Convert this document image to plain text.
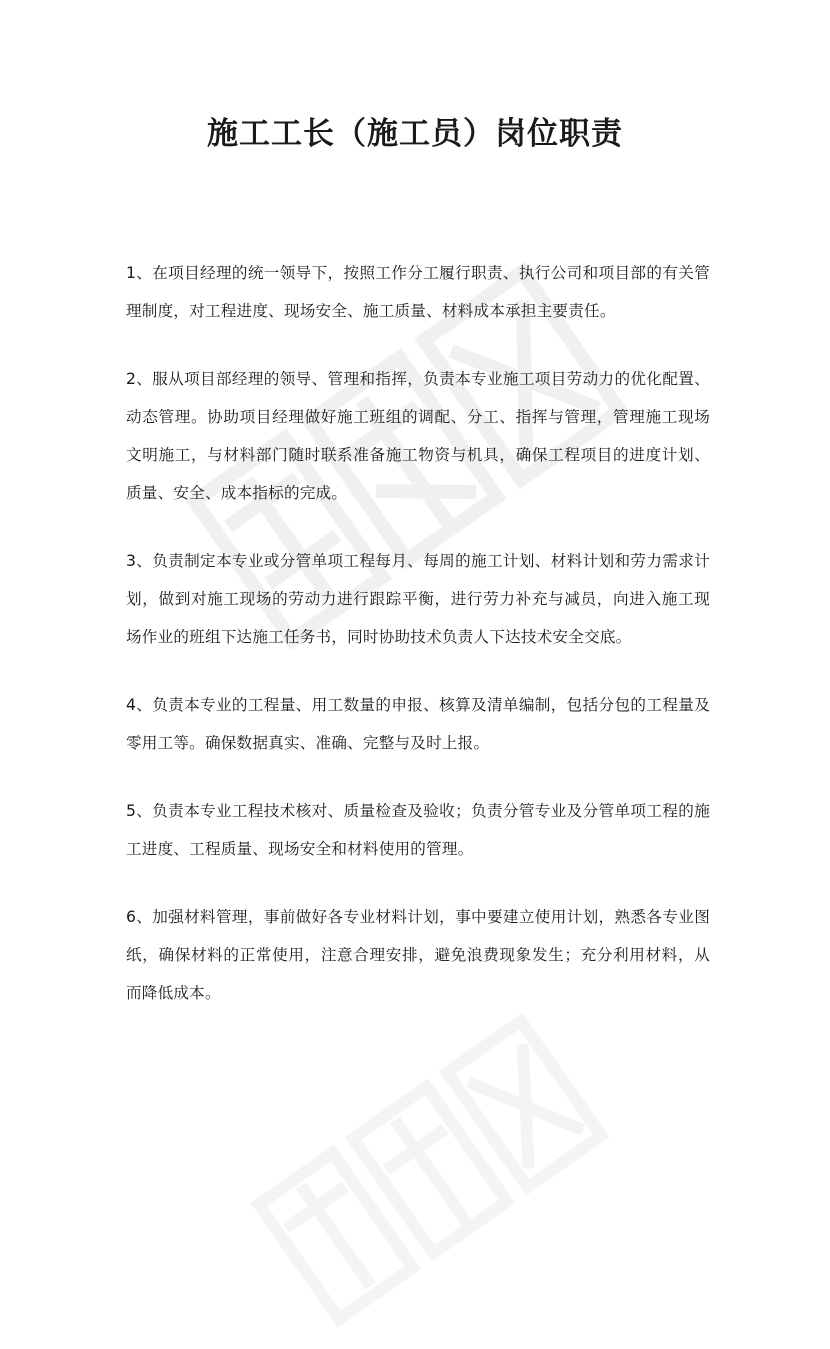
施工工长（施工员）岗位职责

1、在项目经理的统一领导下，按照工作分工履行职责、执行公司和项目部的有关管理制度，对工程进度、现场安全、施工质量、材料成本承担主要责任。

2、服从项目部经理的领导、管理和指挥，负责本专业施工项目劳动力的优化配置、动态管理。协助项目经理做好施工班组的调配、分工、指挥与管理，管理施工现场文明施工，与材料部门随时联系准备施工物资与机具，确保工程项目的进度计划、质量、安全、成本指标的完成。

3、负责制定本专业或分管单项工程每月、每周的施工计划、材料计划和劳力需求计划，做到对施工现场的劳动力进行跟踪平衡，进行劳力补充与减员，向进入施工现场作业的班组下达施工任务书，同时协助技术负责人下达技术安全交底。

4、负责本专业的工程量、用工数量的申报、核算及清单编制，包括分包的工程量及零用工等。确保数据真实、准确、完整与及时上报。

5、负责本专业工程技术核对、质量检查及验收；负责分管专业及分管单项工程的施工进度、工程质量、现场安全和材料使用的管理。

6、加强材料管理，事前做好各专业材料计划，事中要建立使用计划，熟悉各专业图纸，确保材料的正常使用，注意合理安排，避免浪费现象发生；充分利用材料，从而降低成本。
